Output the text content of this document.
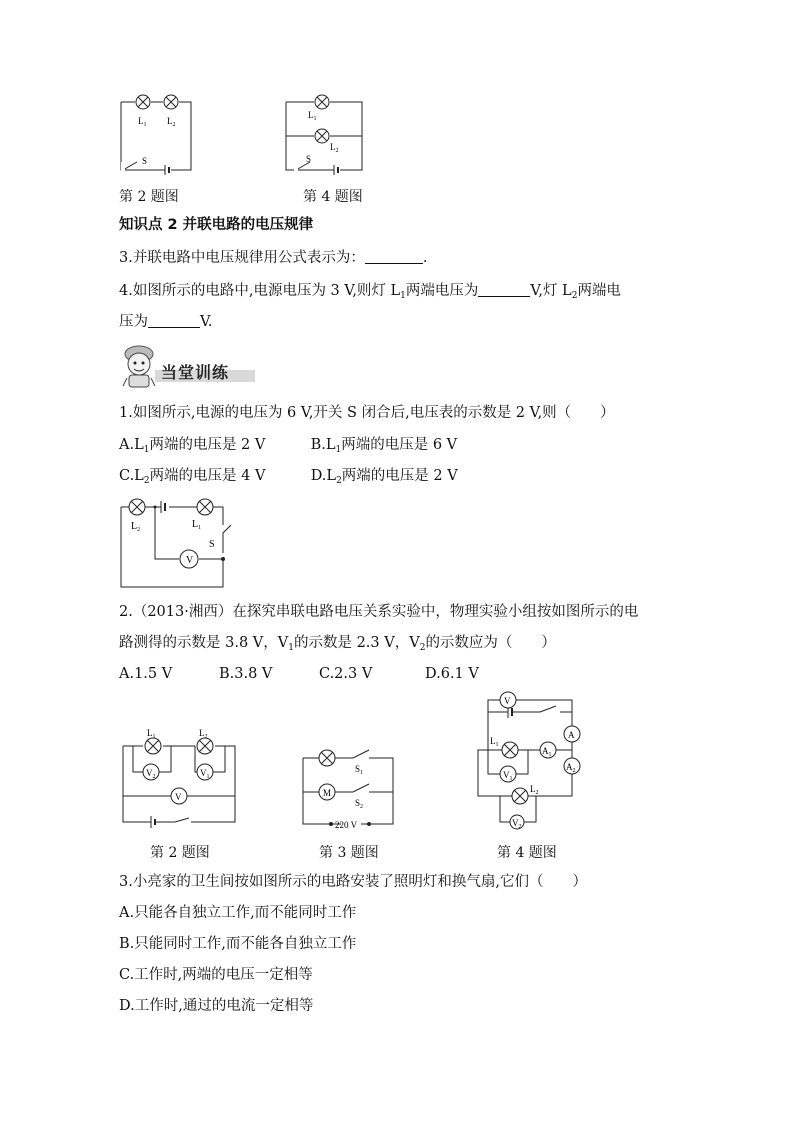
$L_1$ $L_2$
S
第 2 题图
$L_1$
$L_2$
S
第 4 题图
知识点 2 并联电路的电压规律
3.并联电路中电压规律用公式表示为：	.
4.如图所示的电路中,电源电压为 3 V,则灯 $L_1$两端电压为	V,灯 $L_2$两端电
压为	V.
当堂训练
1.如图所示,电源的电压为 6 V,开关 S 闭合后,电压表的示数是 2 V,则（　　）
$A.L_1$两端的电压是 2 V	$B.L_1$两端的电压是 6 V
$C.L_2$两端的电压是 4 V	$D.L_2$两端的电压是 2 V
V
$L_2$	$L_1$
S
2.（2013·湘西）在探究串联电路电压关系实验中，物理实验小组按如图所示的电
路测得的示数是 3.8 V，$V_1$的示数是 2.3 V，$V_2$的示数应为（　　）
A.1.5 V	B.3.8 V	C.2.3 V	D.6.1 V
$V_2$	$V_1$
V
$L_1$	$L_2$
第 2 题图
M
$S_1$
$S_2$
220 V
第 3 题图
V
A
$A_1$
$A_2$
$V_1$
$V_2$
$L_1$
$L_2$
第 4 题图
3.小亮家的卫生间按如图所示的电路安装了照明灯和换气扇,它们（　　）
A.只能各自独立工作,而不能同时工作
B.只能同时工作,而不能各自独立工作
C.工作时,两端的电压一定相等
D.工作时,通过的电流一定相等
